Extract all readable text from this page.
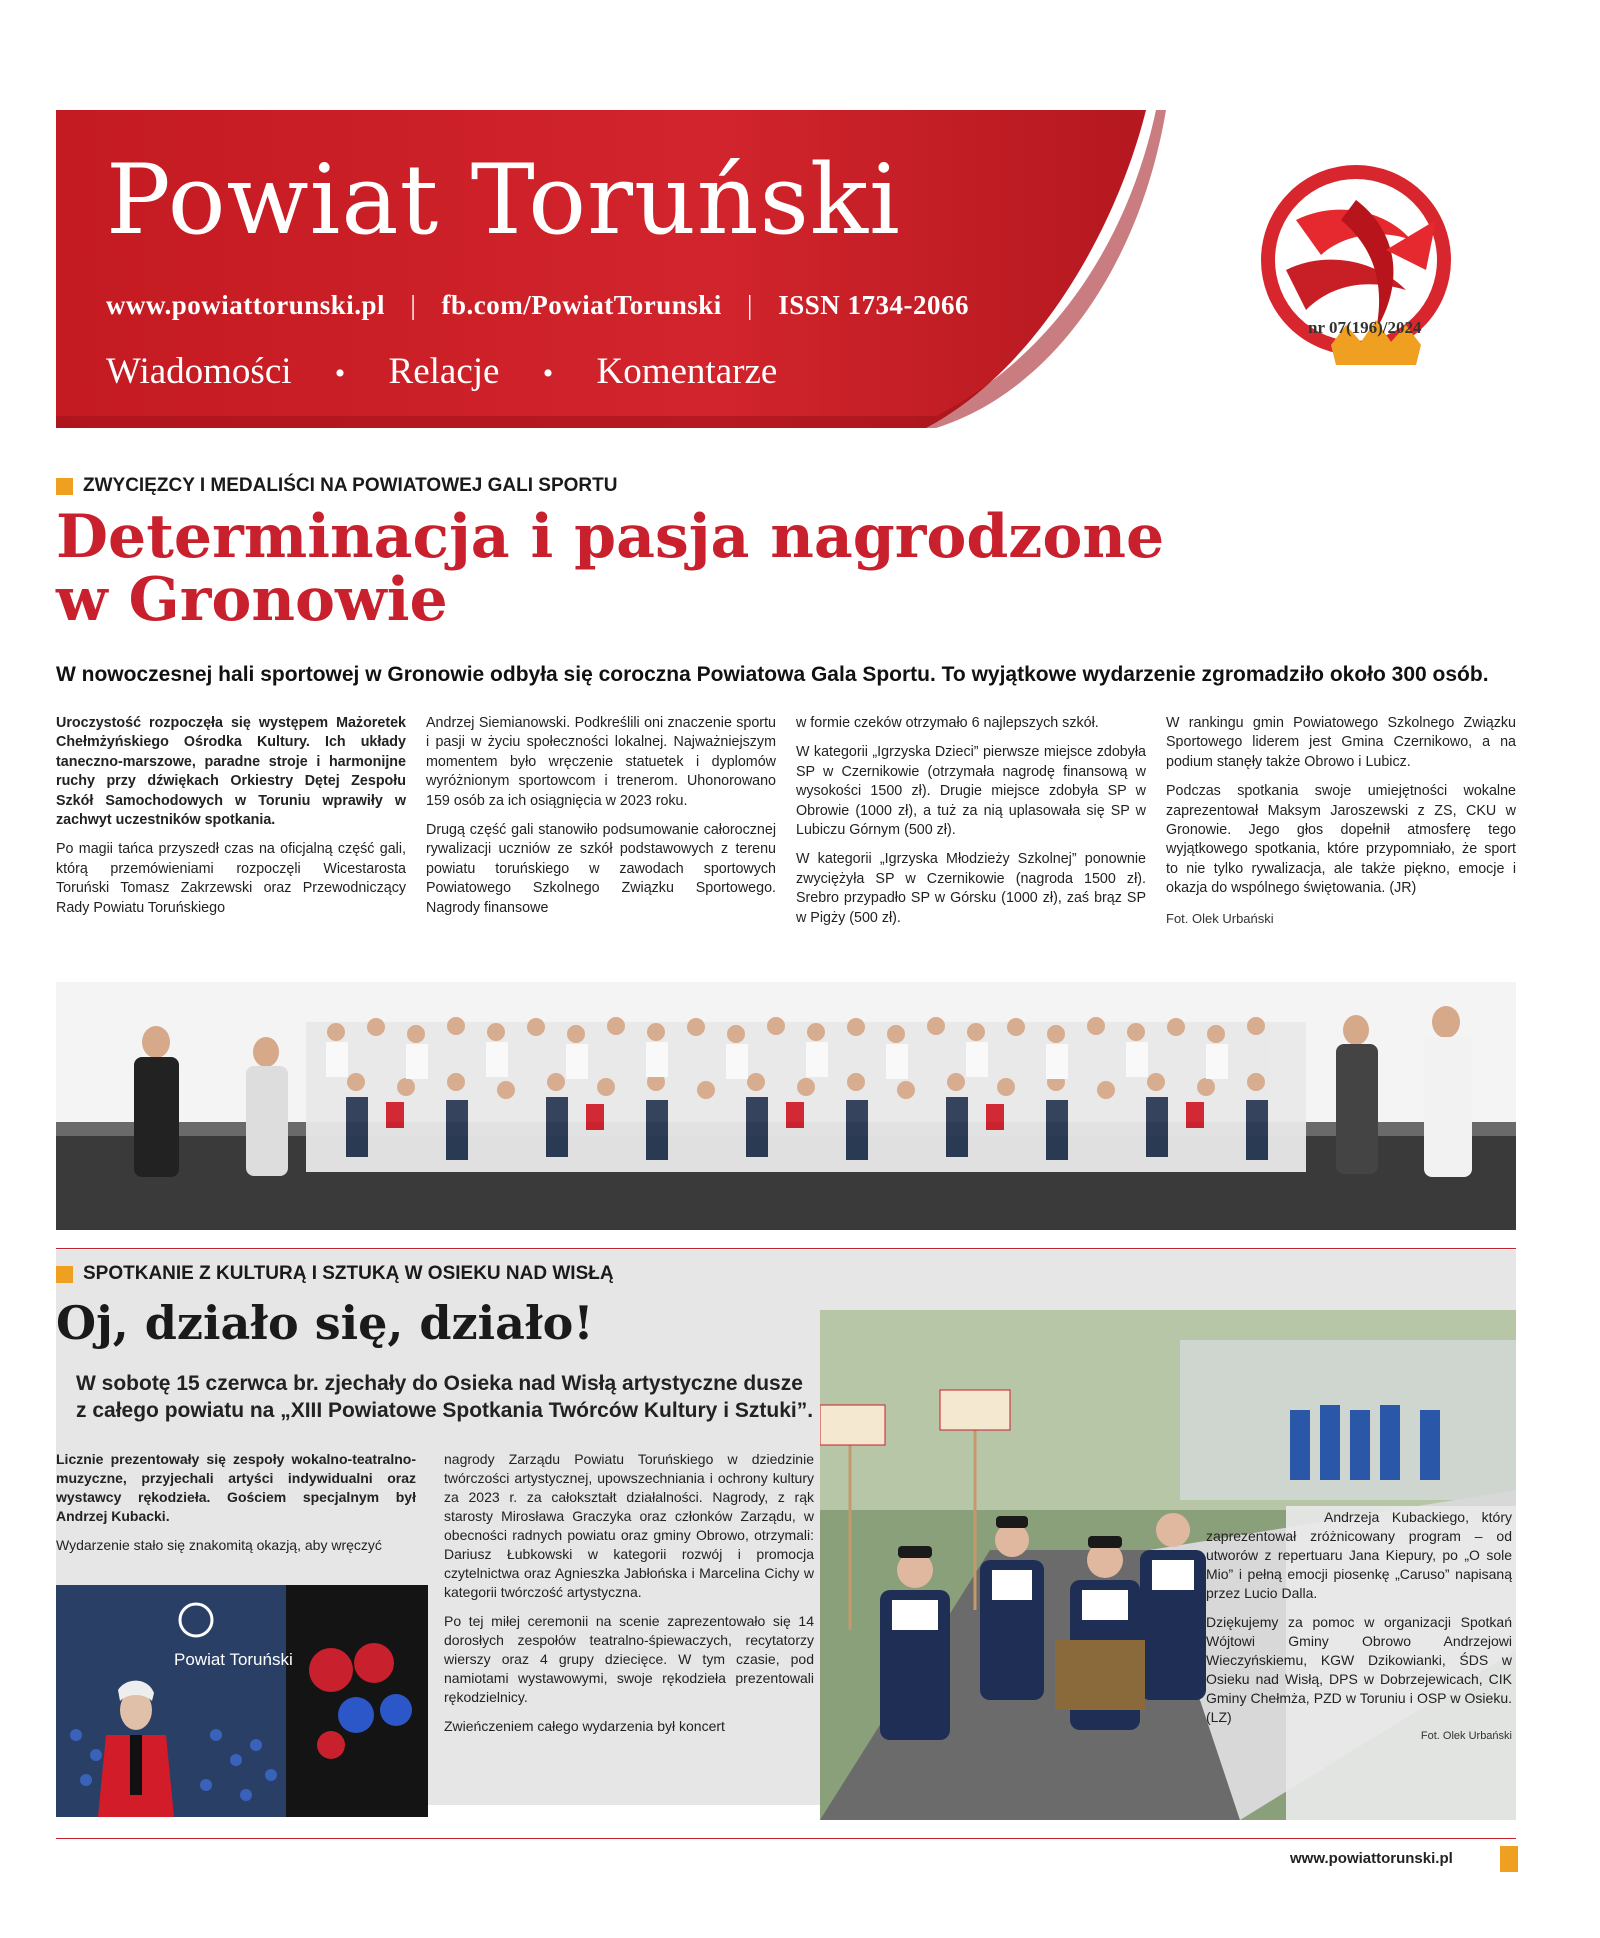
Powiat Toruński
www.powiattorunski.pl | fb.com/PowiatTorunski | ISSN 1734-2066
Wiadomości • Relacje • Komentarze
nr 07(196)/2024
ZWYCIĘZCY I MEDALIŚCI NA POWIATOWEJ GALI SPORTU
Determinacja i pasja nagrodzone
w Gronowie
W nowoczesnej hali sportowej w Gronowie odbyła się coroczna Powiatowa Gala Sportu. To wyjątkowe wydarzenie zgromadziło około 300 osób.

Uroczystość rozpoczęła się występem Mażoretek Chełmżyńskiego Ośrodka Kultury. Ich układy taneczno-marszowe, paradne stroje i harmonijne ruchy przy dźwiękach Orkiestry Dętej Zespołu Szkół Samochodowych w Toruniu wprawiły w zachwyt uczestników spotkania.

Po magii tańca przyszedł czas na oficjalną część gali, którą przemówieniami rozpoczęli Wicestarosta Toruński Tomasz Zakrzewski oraz Przewodniczący Rady Powiatu Toruńskiego

Andrzej Siemianowski. Podkreślili oni znaczenie sportu i pasji w życiu społeczności lokalnej. Najważniejszym momentem było wręczenie statuetek i dyplomów wyróżnionym sportowcom i trenerom. Uhonorowano 159 osób za ich osiągnięcia w 2023 roku.

Drugą część gali stanowiło podsumowanie całorocznej rywalizacji uczniów ze szkół podstawowych z terenu powiatu toruńskiego w zawodach sportowych Powiatowego Szkolnego Związku Sportowego. Nagrody finansowe

w formie czeków otrzymało 6 najlepszych szkół.

W kategorii „Igrzyska Dzieci” pierwsze miejsce zdobyła SP w Czernikowie (otrzymała nagrodę finansową w wysokości 1500 zł). Drugie miejsce zdobyła SP w Obrowie (1000 zł), a tuż za nią uplasowała się SP w Lubiczu Górnym (500 zł).

W kategorii „Igrzyska Młodzieży Szkolnej” ponownie zwyciężyła SP w Czernikowie (nagroda 1500 zł). Srebro przypadło SP w Górsku (1000 zł), zaś brąz SP w Pigży (500 zł).

W rankingu gmin Powiatowego Szkolnego Związku Sportowego liderem jest Gmina Czernikowo, a na podium stanęły także Obrowo i Lubicz.

Podczas spotkania swoje umiejętności wokalne zaprezentował Maksym Jaroszewski z ZS, CKU w Gronowie. Jego głos dopełnił atmosferę tego wyjątkowego spotkania, które przypomniało, że sport to nie tylko rywalizacja, ale także piękno, emocje i okazja do wspólnego świętowania. (JR)

Fot. Olek Urbański

SPOTKANIE Z KULTURĄ I SZTUKĄ W OSIEKU NAD WISŁĄ
Oj, działo się, działo!
W sobotę 15 czerwca br. zjechały do Osieka nad Wisłą artystyczne dusze z całego powiatu na „XIII Powiatowe Spotkania Twórców Kultury i Sztuki”.

Licznie prezentowały się zespoły wokalno-teatralno-muzyczne, przyjechali artyści indywidualni oraz wystawcy rękodzieła. Gościem specjalnym był Andrzej Kubacki.

Wydarzenie stało się znakomitą okazją, aby wręczyć

Powiat Toruński

nagrody Zarządu Powiatu Toruńskiego w dziedzinie twórczości artystycznej, upowszechniania i ochrony kultury za 2023 r. za całokształt działalności. Nagrody, z rąk starosty Mirosława Graczyka oraz członków Zarządu, w obecności radnych powiatu oraz gminy Obrowo, otrzymali: Dariusz Łubkowski w kategorii rozwój i promocja czytelnictwa oraz Agnieszka Jabłońska i Marcelina Cichy w kategorii twórczość artystyczna.

Po tej miłej ceremonii na scenie zaprezentowało się 14 dorosłych zespołów teatralno-śpiewaczych, recytatorzy wierszy oraz 4 grupy dziecięce. W tym czasie, pod namiotami wystawowymi, swoje rękodzieła prezentowali rękodzielnicy.

Zwieńczeniem całego wydarzenia był koncert

Andrzeja Kubackiego, który zaprezentował zróżnicowany program – od utworów z repertuaru Jana Kiepury, po „O sole Mio” i pełną emocji piosenkę „Caruso” napisaną przez Lucio Dalla.

Dziękujemy za pomoc w organizacji Spotkań Wójtowi Gminy Obrowo Andrzejowi Wieczyńskiemu, KGW Dzikowianki, ŚDS w Osieku nad Wisłą, DPS w Dobrzejewicach, CIK Gminy Chełmża, PZD w Toruniu i OSP w Osieku. (LZ)

Fot. Olek Urbański

www.powiattorunski.pl
